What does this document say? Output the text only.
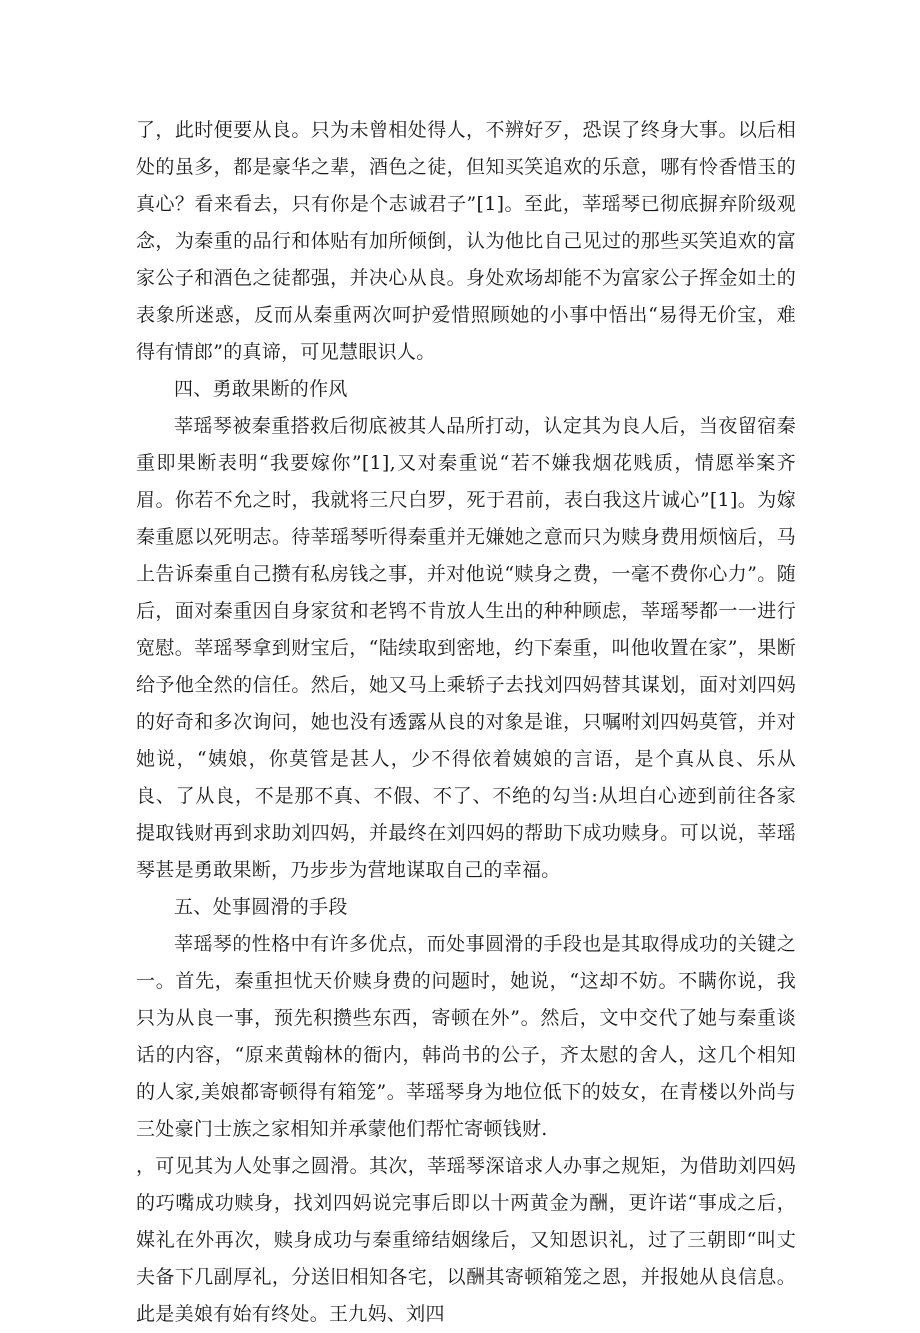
了，此时便要从良。只为未曾相处得人，不辨好歹，恐误了终身大事。以后相处的虽多，都是豪华之辈，酒色之徒，但知买笑追欢的乐意，哪有怜香惜玉的真心？看来看去，只有你是个志诚君子”[1]。至此，莘瑶琴已彻底摒弃阶级观念，为秦重的品行和体贴有加所倾倒，认为他比自己见过的那些买笑追欢的富家公子和酒色之徒都强，并决心从良。身处欢场却能不为富家公子挥金如土的表象所迷惑，反而从秦重两次呵护爱惜照顾她的小事中悟出“易得无价宝，难得有情郎”的真谛，可见慧眼识人。

四、勇敢果断的作风

莘瑶琴被秦重搭救后彻底被其人品所打动，认定其为良人后，当夜留宿秦重即果断表明“我要嫁你”[1],又对秦重说“若不嫌我烟花贱质，情愿举案齐眉。你若不允之时，我就将三尺白罗，死于君前，表白我这片诚心”[1]。为嫁秦重愿以死明志。待莘瑶琴听得秦重并无嫌她之意而只为赎身费用烦恼后，马上告诉秦重自己攒有私房钱之事，并对他说“赎身之费，一毫不费你心力”。随后，面对秦重因自身家贫和老鸨不肯放人生出的种种顾虑，莘瑶琴都一一进行宽慰。莘瑶琴拿到财宝后，“陆续取到密地，约下秦重，叫他收置在家”，果断给予他全然的信任。然后，她又马上乘轿子去找刘四妈替其谋划，面对刘四妈的好奇和多次询问，她也没有透露从良的对象是谁，只嘱咐刘四妈莫管，并对她说，“姨娘，你莫管是甚人，少不得依着姨娘的言语，是个真从良、乐从良、了从良，不是那不真、不假、不了、不绝的勾当:从坦白心迹到前往各家提取钱财再到求助刘四妈，并最终在刘四妈的帮助下成功赎身。可以说，莘瑶琴甚是勇敢果断，乃步步为营地谋取自己的幸福。

五、处事圆滑的手段

莘瑶琴的性格中有许多优点，而处事圆滑的手段也是其取得成功的关键之一。首先，秦重担忧天价赎身费的问题时，她说，“这却不妨。不瞒你说，我只为从良一事，预先积攒些东西，寄顿在外”。然后，文中交代了她与秦重谈话的内容，“原来黄翰林的衙内，韩尚书的公子，齐太慰的舍人，这几个相知的人家,美娘都寄顿得有箱笼”。莘瑶琴身为地位低下的妓女，在青楼以外尚与三处豪门士族之家相知并承蒙他们帮忙寄顿钱财.

，可见其为人处事之圆滑。其次，莘瑶琴深谙求人办事之规矩，为借助刘四妈的巧嘴成功赎身，找刘四妈说完事后即以十两黄金为酬，更许诺“事成之后，媒礼在外再次，赎身成功与秦重缔结姻缘后，又知恩识礼，过了三朝即“叫丈夫备下几副厚礼，分送旧相知各宅，以酬其寄顿箱笼之恩，并报她从良信息。此是美娘有始有终处。王九妈、刘四
